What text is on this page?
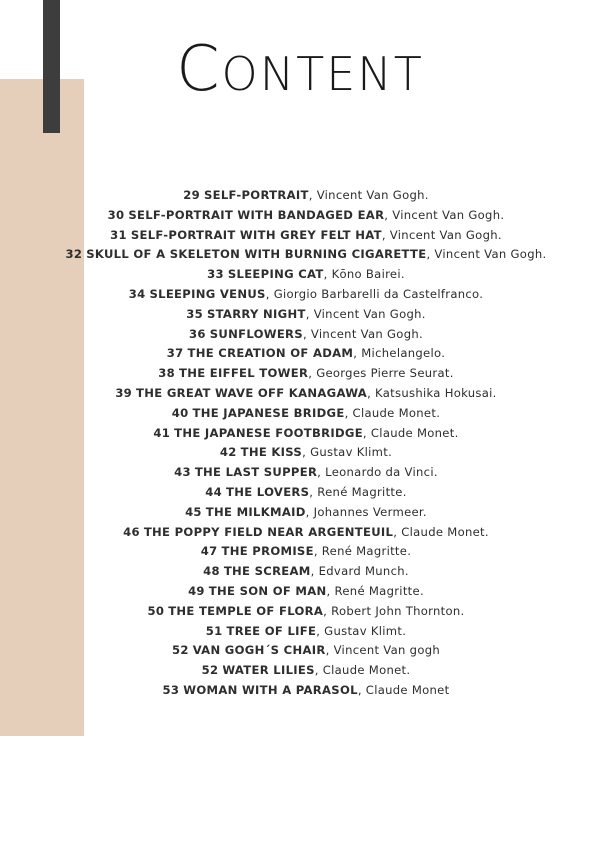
CONTENT
29 SELF-PORTRAIT, Vincent Van Gogh.
30 SELF-PORTRAIT WITH BANDAGED EAR, Vincent Van Gogh.
31 SELF-PORTRAIT WITH GREY FELT HAT, Vincent Van Gogh.
32 SKULL OF A SKELETON WITH BURNING CIGARETTE, Vincent Van Gogh.
33 SLEEPING CAT, Kōno Bairei.
34 SLEEPING VENUS, Giorgio Barbarelli da Castelfranco.
35 STARRY NIGHT, Vincent Van Gogh.
36 SUNFLOWERS, Vincent Van Gogh.
37 THE CREATION OF ADAM, Michelangelo.
38 THE EIFFEL TOWER, Georges Pierre Seurat.
39 THE GREAT WAVE OFF KANAGAWA, Katsushika Hokusai.
40 THE JAPANESE BRIDGE, Claude Monet.
41 THE JAPANESE FOOTBRIDGE, Claude Monet.
42 THE KISS, Gustav Klimt.
43 THE LAST SUPPER, Leonardo da Vinci.
44 THE LOVERS, René Magritte.
45 THE MILKMAID, Johannes Vermeer.
46 THE POPPY FIELD NEAR ARGENTEUIL, Claude Monet.
47 THE PROMISE, René Magritte.
48 THE SCREAM, Edvard Munch.
49 THE SON OF MAN, René Magritte.
50 THE TEMPLE OF FLORA, Robert John Thornton.
51 TREE OF LIFE, Gustav Klimt.
52 VAN GOGH´S CHAIR, Vincent Van gogh
52 WATER LILIES, Claude Monet.
53 WOMAN WITH A PARASOL, Claude Monet
